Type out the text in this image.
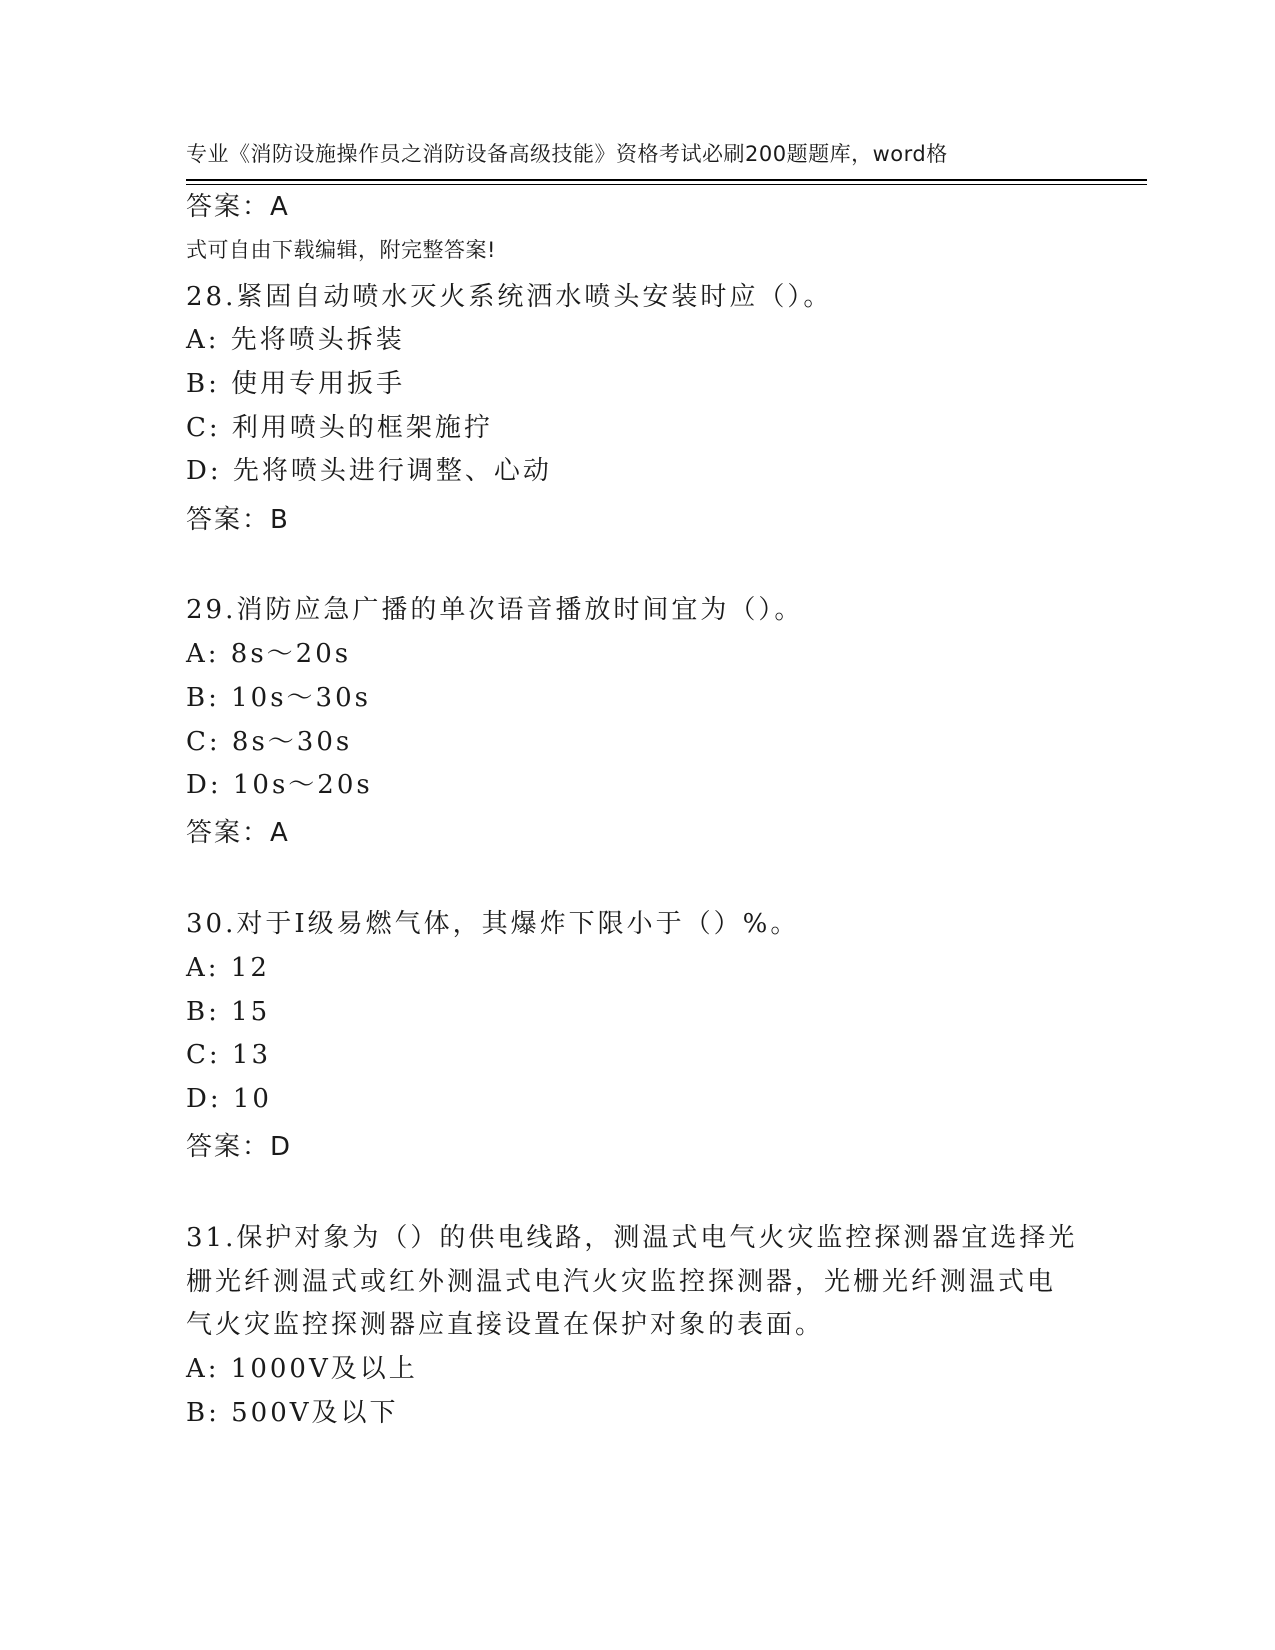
专业《消防设施操作员之消防设备高级技能》资格考试必刷200题题库，word格

式可自由下载编辑，附完整答案!

答案：A
28.紧固自动喷水灭火系统洒水喷头安装时应（）。
A: 先将喷头拆装
B: 使用专用扳手
C: 利用喷头的框架施拧
D: 先将喷头进行调整、心动
答案：B
29.消防应急广播的单次语音播放时间宜为（）。
A: 8s～20s
B: 10s～30s
C: 8s～30s
D: 10s～20s
答案：A
30.对于Ⅰ级易燃气体，其爆炸下限小于（）%。
A: 12
B: 15
C: 13
D: 10
答案：D
31.保护对象为（）的供电线路，测温式电气火灾监控探测器宜选择光
栅光纤测温式或红外测温式电汽火灾监控探测器，光栅光纤测温式电
气火灾监控探测器应直接设置在保护对象的表面。
A: 1000V及以上
B: 500V及以下
